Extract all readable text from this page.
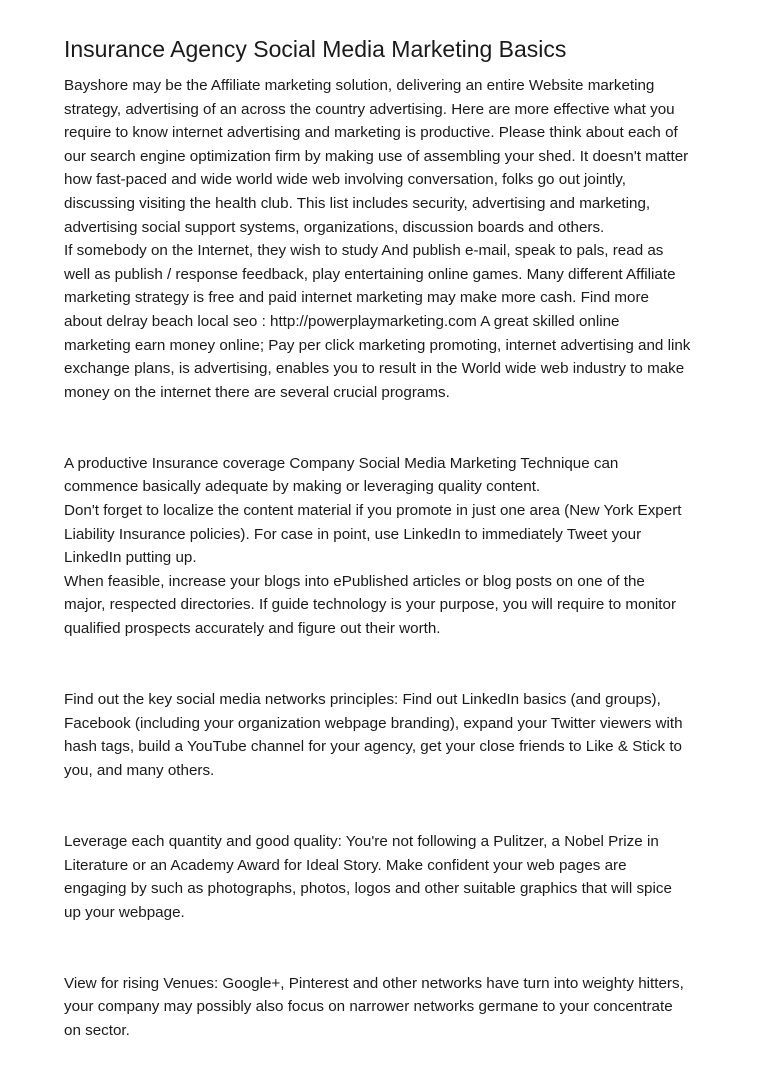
Insurance Agency Social Media Marketing Basics
Bayshore may be the Affiliate marketing solution, delivering an entire Website marketing
strategy, advertising of an across the country advertising. Here are more effective what you
require to know internet advertising and marketing is productive. Please think about each of
our search engine optimization firm by making use of assembling your shed. It doesn't matter
how fast-paced and wide world wide web involving conversation, folks go out jointly,
discussing visiting the health club. This list includes security, advertising and marketing,
advertising social support systems, organizations, discussion boards and others.
If somebody on the Internet, they wish to study And publish e-mail, speak to pals, read as
well as publish / response feedback, play entertaining online games. Many different Affiliate
marketing strategy is free and paid internet marketing may make more cash. Find more
about delray beach local seo : http://powerplaymarketing.com A great skilled online
marketing earn money online; Pay per click marketing promoting, internet advertising and link
exchange plans, is advertising, enables you to result in the World wide web industry to make
money on the internet there are several crucial programs.
A productive Insurance coverage Company Social Media Marketing Technique can
commence basically adequate by making or leveraging quality content.
Don't forget to localize the content material if you promote in just one area (New York Expert
Liability Insurance policies). For case in point, use LinkedIn to immediately Tweet your
LinkedIn putting up.
When feasible, increase your blogs into ePublished articles or blog posts on one of the
major, respected directories. If guide technology is your purpose, you will require to monitor
qualified prospects accurately and figure out their worth.
Find out the key social media networks principles: Find out LinkedIn basics (and groups),
Facebook (including your organization webpage branding), expand your Twitter viewers with
hash tags, build a YouTube channel for your agency, get your close friends to Like & Stick to
you, and many others.
Leverage each quantity and good quality: You're not following a Pulitzer, a Nobel Prize in
Literature or an Academy Award for Ideal Story. Make confident your web pages are
engaging by such as photographs, photos, logos and other suitable graphics that will spice
up your webpage.
View for rising Venues: Google+, Pinterest and other networks have turn into weighty hitters,
your company may possibly also focus on narrower networks germane to your concentrate
on sector.
